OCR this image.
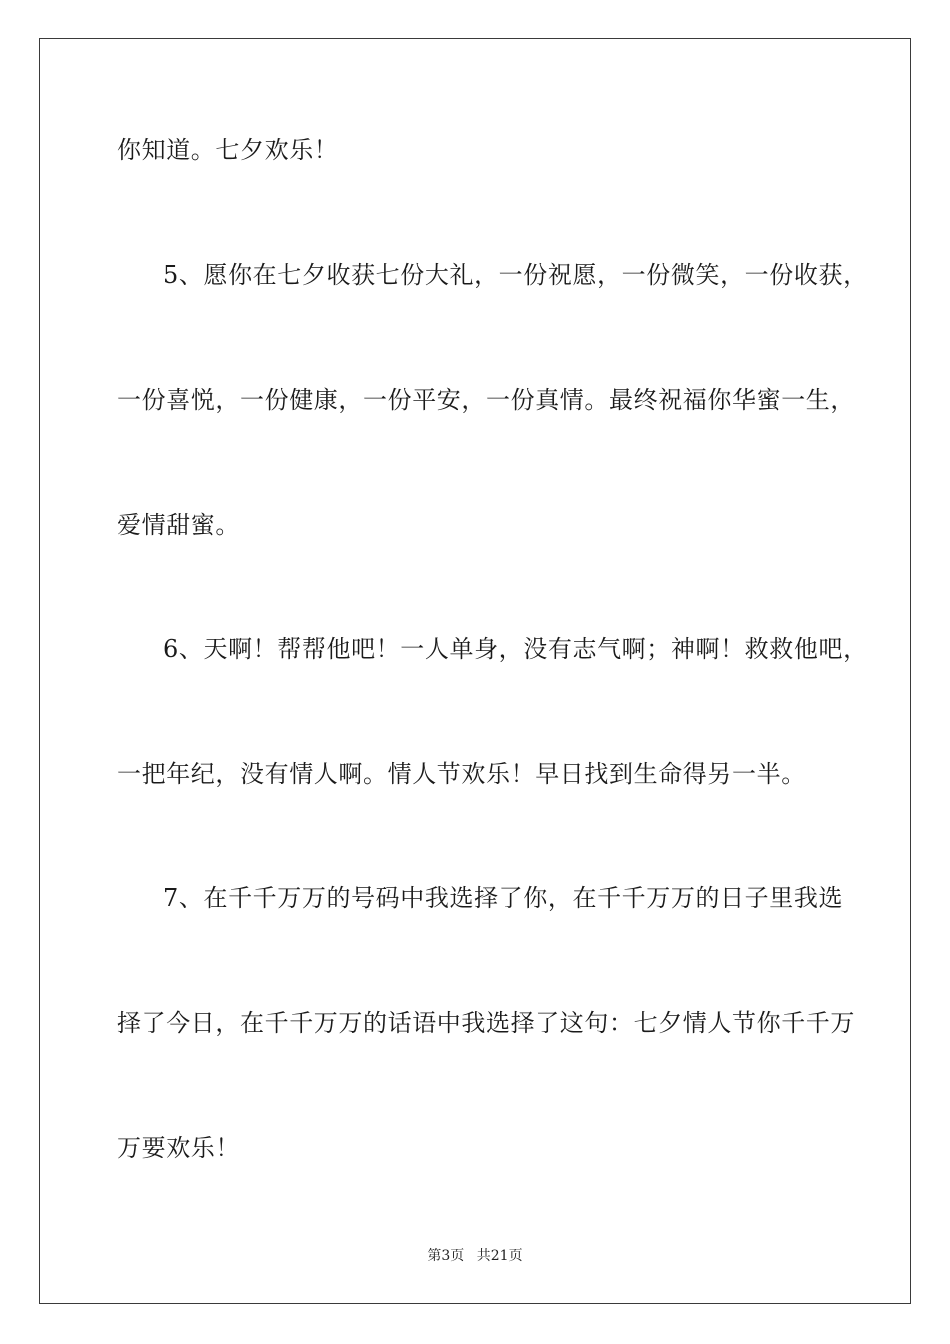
你知道。七夕欢乐！
5、愿你在七夕收获七份大礼，一份祝愿，一份微笑，一份收获，
一份喜悦，一份健康，一份平安，一份真情。最终祝福你华蜜一生，
爱情甜蜜。
6、天啊！帮帮他吧！一人单身，没有志气啊；神啊！救救他吧，
一把年纪，没有情人啊。情人节欢乐！早日找到生命得另一半。
7、在千千万万的号码中我选择了你，在千千万万的日子里我选
择了今日，在千千万万的话语中我选择了这句：七夕情人节你千千万
万要欢乐！
第3页 共21页
